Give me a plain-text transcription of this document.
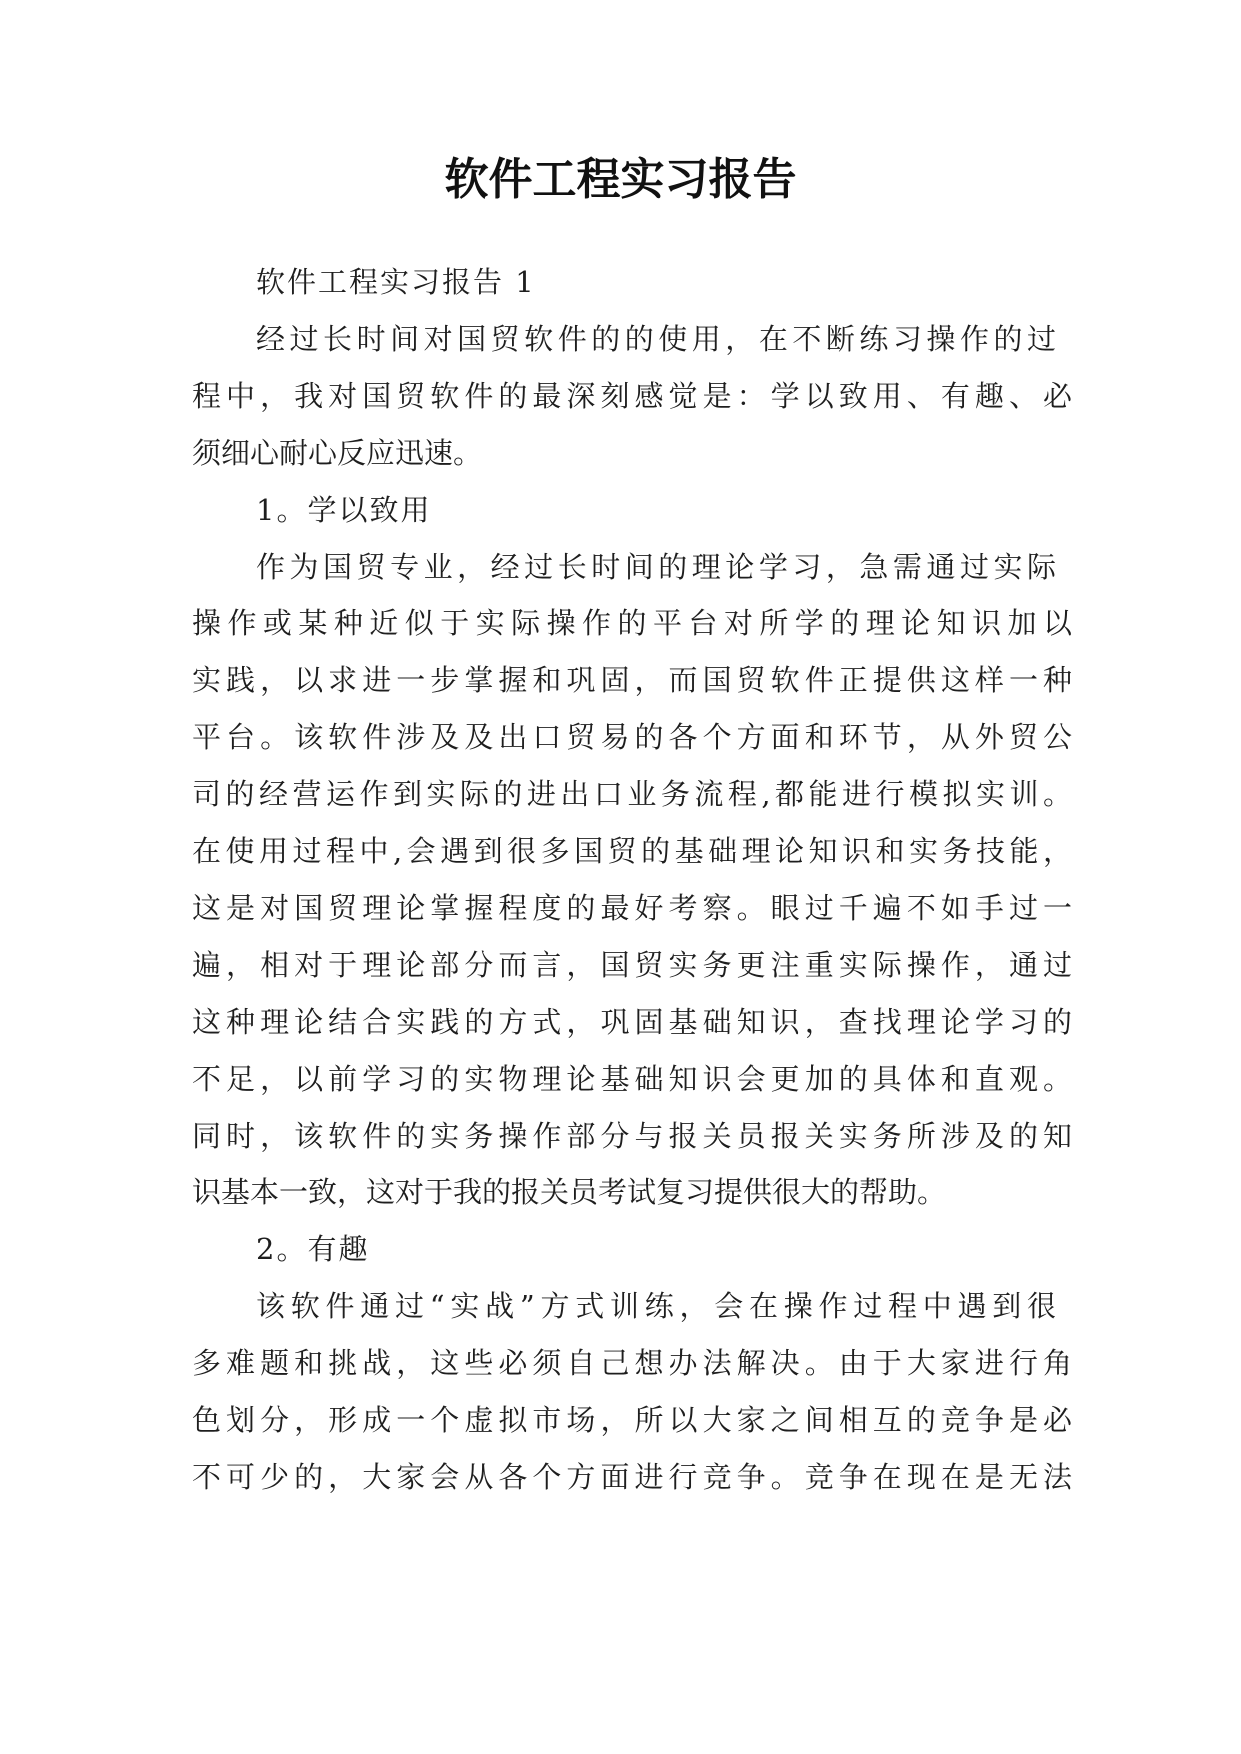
软件工程实习报告
软件工程实习报告 1
经过长时间对国贸软件的的使用，在不断练习操作的过
程中，我对国贸软件的最深刻感觉是：学以致用、有趣、必
须细心耐心反应迅速。
1。学以致用
作为国贸专业，经过长时间的理论学习，急需通过实际
操作或某种近似于实际操作的平台对所学的理论知识加以
实践，以求进一步掌握和巩固，而国贸软件正提供这样一种
平台。该软件涉及及出口贸易的各个方面和环节，从外贸公
司的经营运作到实际的进出口业务流程,都能进行模拟实训。
在使用过程中,会遇到很多国贸的基础理论知识和实务技能，
这是对国贸理论掌握程度的最好考察。眼过千遍不如手过一
遍，相对于理论部分而言，国贸实务更注重实际操作，通过
这种理论结合实践的方式，巩固基础知识，查找理论学习的
不足，以前学习的实物理论基础知识会更加的具体和直观。
同时，该软件的实务操作部分与报关员报关实务所涉及的知
识基本一致，这对于我的报关员考试复习提供很大的帮助。
2。有趣
该软件通过“实战”方式训练，会在操作过程中遇到很
多难题和挑战，这些必须自己想办法解决。由于大家进行角
色划分，形成一个虚拟市场，所以大家之间相互的竞争是必
不可少的，大家会从各个方面进行竞争。竞争在现在是无法
